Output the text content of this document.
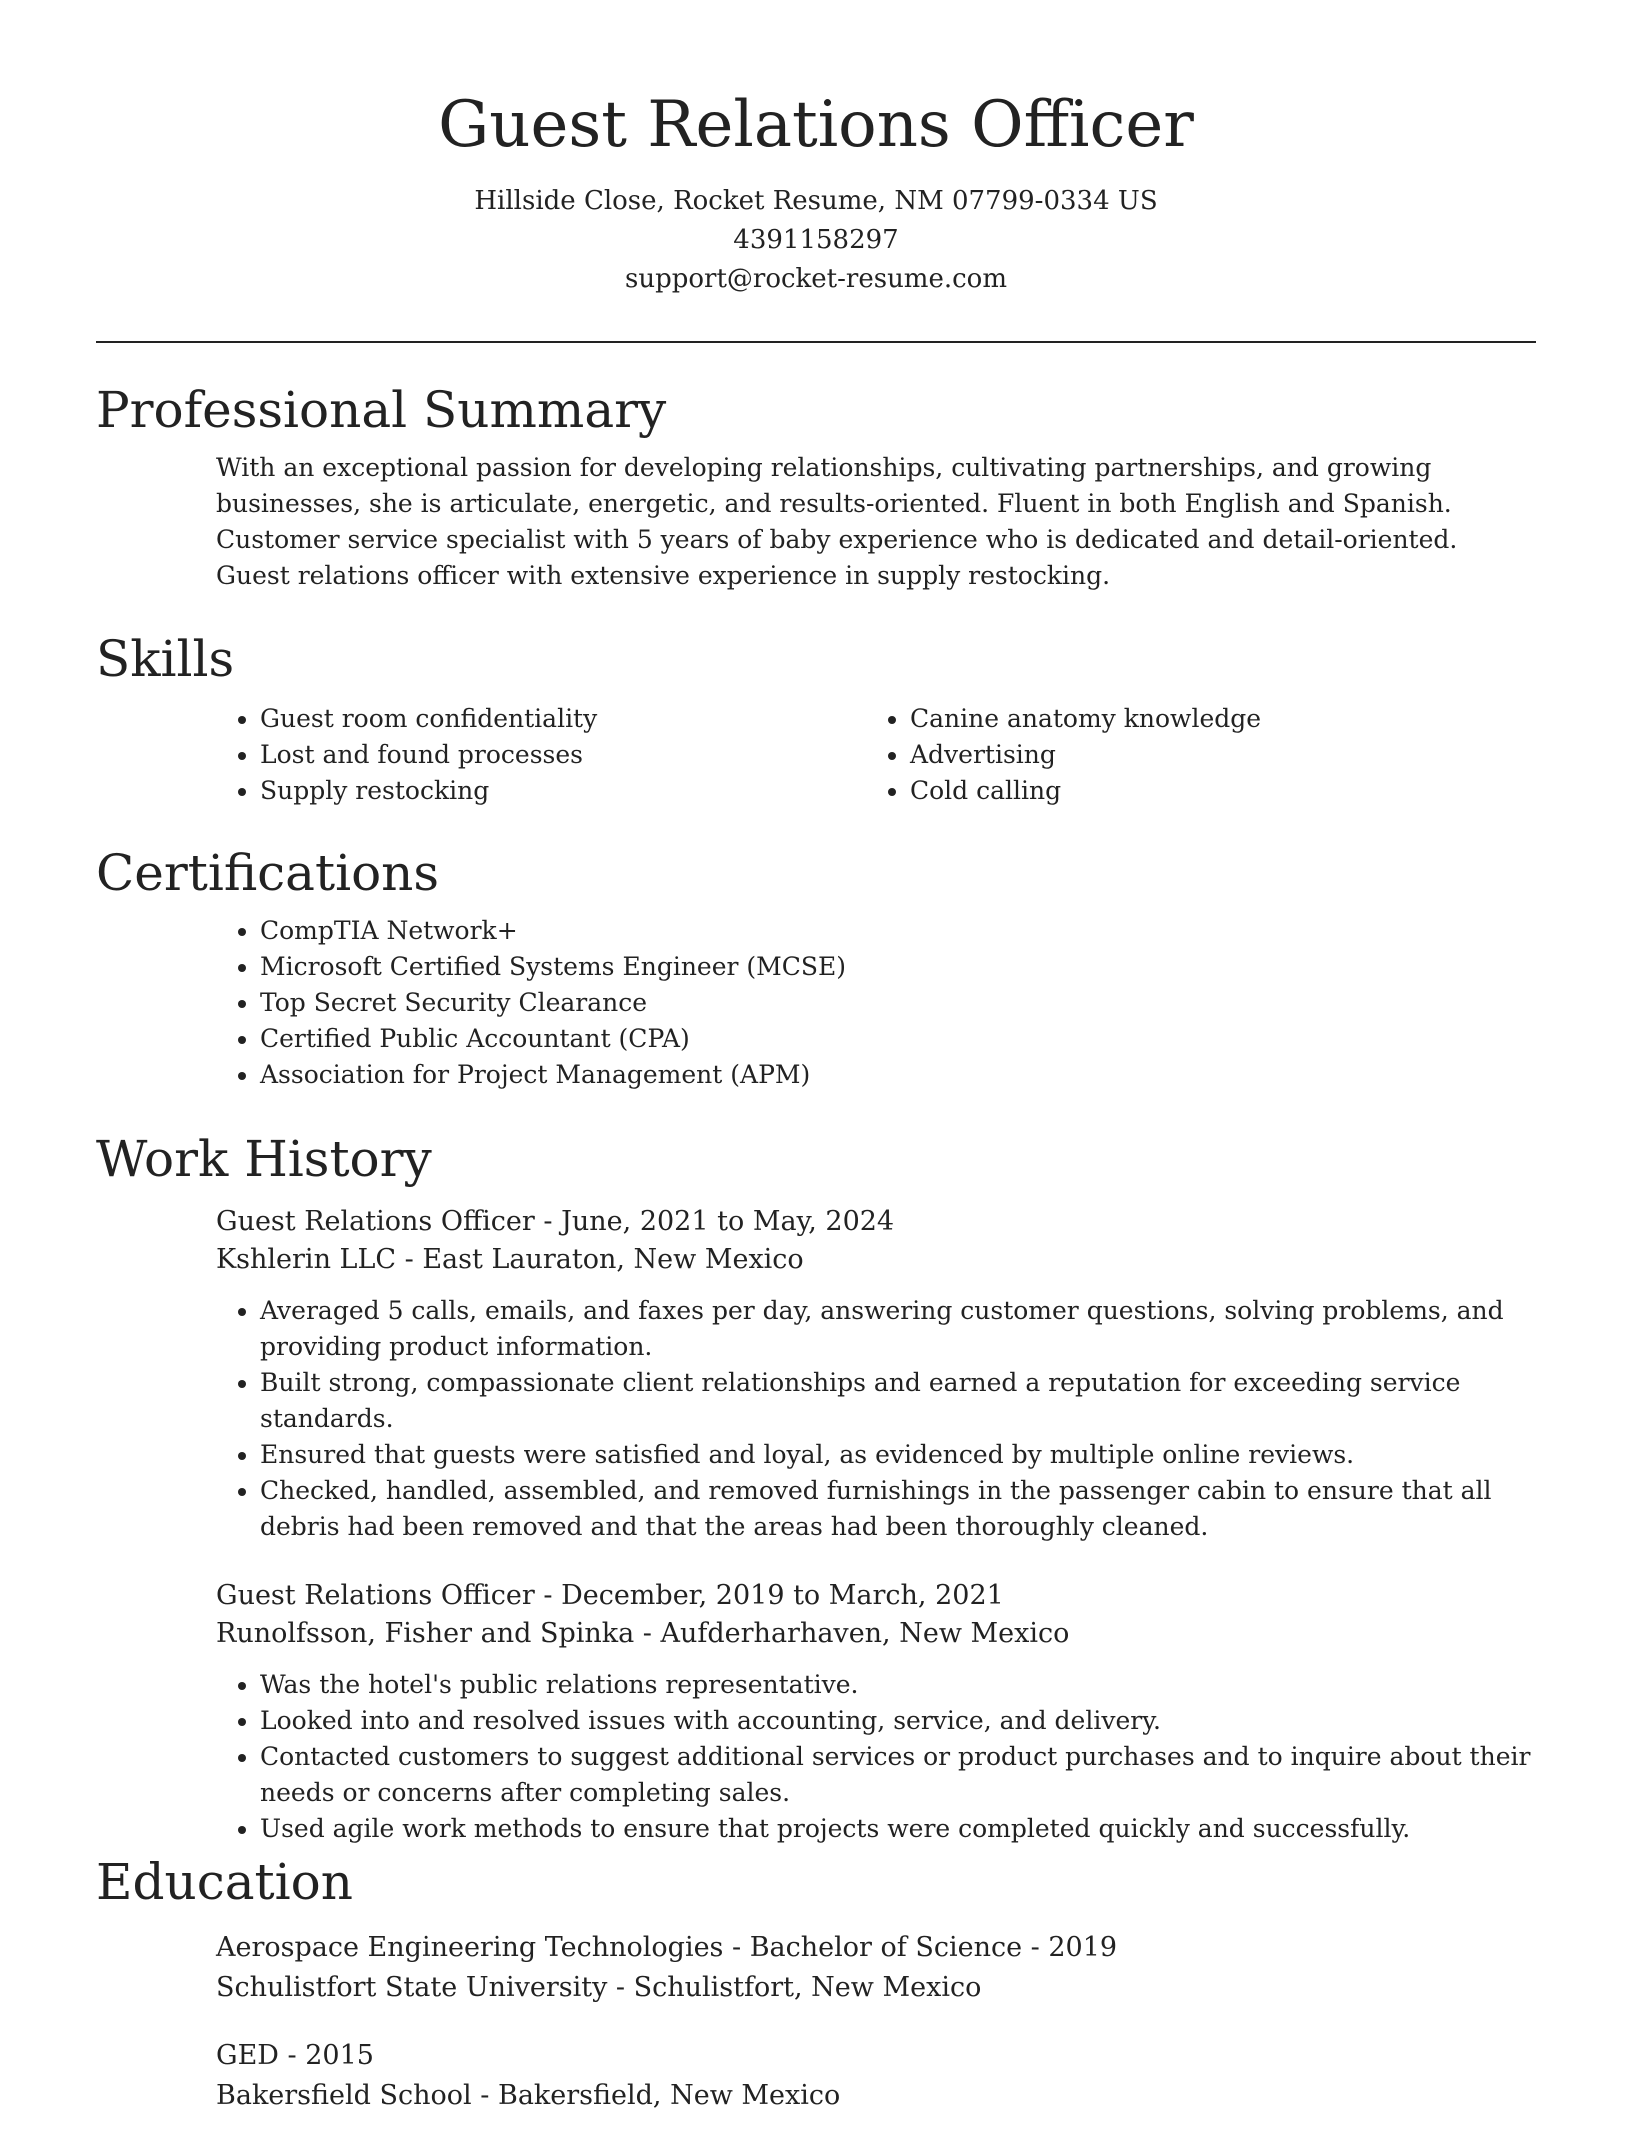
Guest Relations Officer

Hillside Close, Rocket Resume, NM 07799-0334 US

4391158297

support@rocket-resume.com

Professional Summary

With an exceptional passion for developing relationships, cultivating partnerships, and growing businesses, she is articulate, energetic, and results-oriented. Fluent in both English and Spanish. Customer service specialist with 5 years of baby experience who is dedicated and detail-oriented. Guest relations officer with extensive experience in supply restocking.

Skills
• Guest room confidentiality
• Lost and found processes
• Supply restocking
• Canine anatomy knowledge
• Advertising
• Cold calling
Certifications
• CompTIA Network+
• Microsoft Certified Systems Engineer (MCSE)
• Top Secret Security Clearance
• Certified Public Accountant (CPA)
• Association for Project Management (APM)
Work History

Guest Relations Officer - June, 2021 to May, 2024

Kshlerin LLC - East Lauraton, New Mexico

• Averaged 5 calls, emails, and faxes per day, answering customer questions, solving problems, and providing product information.
• Built strong, compassionate client relationships and earned a reputation for exceeding service standards.
• Ensured that guests were satisfied and loyal, as evidenced by multiple online reviews.
• Checked, handled, assembled, and removed furnishings in the passenger cabin to ensure that all debris had been removed and that the areas had been thoroughly cleaned.

Guest Relations Officer - December, 2019 to March, 2021

Runolfsson, Fisher and Spinka - Aufderharhaven, New Mexico

• Was the hotel's public relations representative.
• Looked into and resolved issues with accounting, service, and delivery.
• Contacted customers to suggest additional services or product purchases and to inquire about their needs or concerns after completing sales.
• Used agile work methods to ensure that projects were completed quickly and successfully.
Education

Aerospace Engineering Technologies - Bachelor of Science - 2019

Schulistfort State University - Schulistfort, New Mexico

GED - 2015

Bakersfield School - Bakersfield, New Mexico
